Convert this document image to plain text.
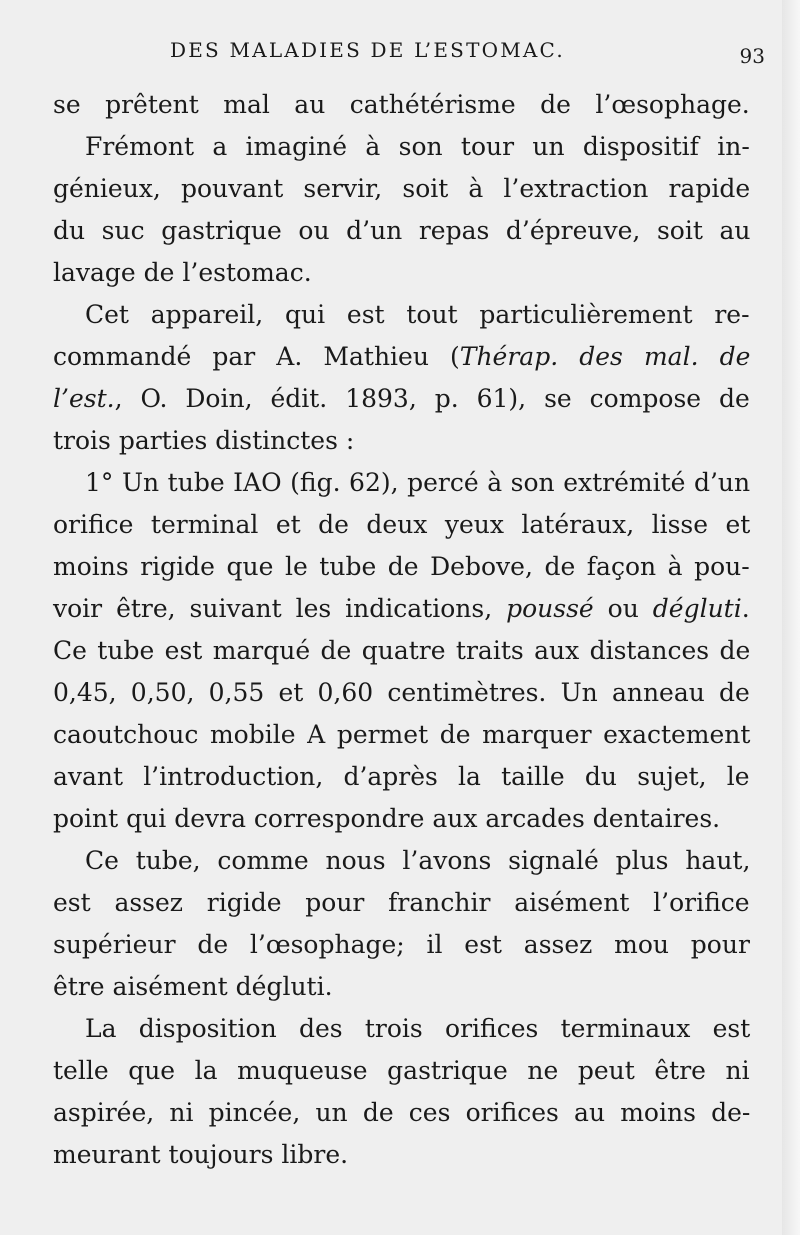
DES MALADIES DE L’ESTOMAC.	93
se prêtent mal au cathétérisme de l’œsophage.
Frémont a imaginé à son tour un dispositif in-
génieux, pouvant servir, soit à l’extraction rapide
du suc gastrique ou d’un repas d’épreuve, soit au
lavage de l’estomac.
Cet appareil, qui est tout particulièrement re-
commandé par A. Mathieu (Thérap. des mal. de
l’est., O. Doin, édit. 1893, p. 61), se compose de
trois parties distinctes :
1° Un tube IAO (fig. 62), percé à son extrémité d’un
orifice terminal et de deux yeux latéraux, lisse et
moins rigide que le tube de Debove, de façon à pou-
voir être, suivant les indications, poussé ou dégluti.
Ce tube est marqué de quatre traits aux distances de
0,45, 0,50, 0,55 et 0,60 centimètres. Un anneau de
caoutchouc mobile A permet de marquer exactement
avant l’introduction, d’après la taille du sujet, le
point qui devra correspondre aux arcades dentaires.
Ce tube, comme nous l’avons signalé plus haut,
est assez rigide pour franchir aisément l’orifice
supérieur de l’œsophage; il est assez mou pour
être aisément dégluti.
La disposition des trois orifices terminaux est
telle que la muqueuse gastrique ne peut être ni
aspirée, ni pincée, un de ces orifices au moins de-
meurant toujours libre.
